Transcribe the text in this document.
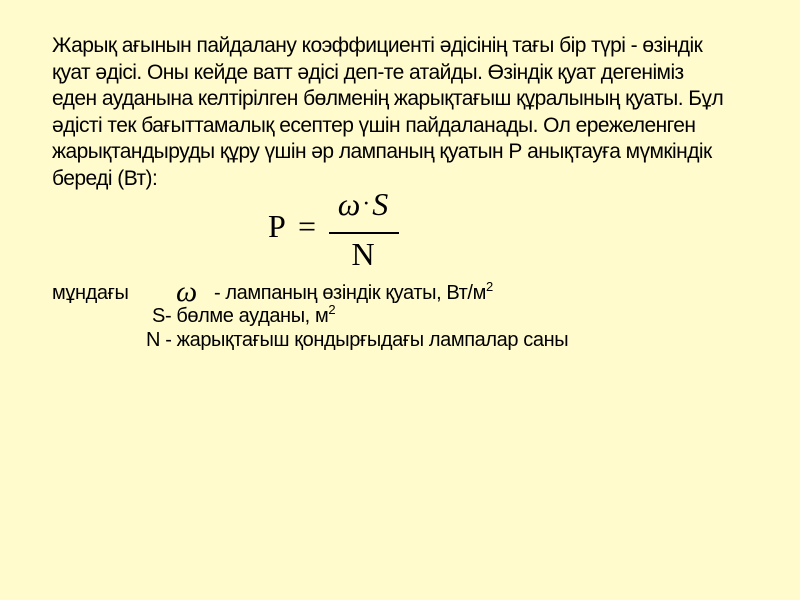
Жарық ағынын пайдалану коэффициенті әдісінің тағы бір түрі - өзіндік
қуат әдісі. Оны кейде ватт әдісі деп-те атайды. Өзіндік қуат дегеніміз
еден ауданына келтірілген бөлменің жарықтағыш құралының қуаты. Бұл
әдісті тек бағыттамалық есептер үшін пайдаланады. Ол ережеленген
жарықтандыруды құру үшін әр лампаның қуатын Р анықтауға мүмкіндік
береді (Вт):

P =
ω·S
N
мұндағы ω - лампаның өзіндік қуаты, $Вт/м^2$
S- бөлме ауданы, $м^2$
N - жарықтағыш қондырғыдағы лампалар саны
